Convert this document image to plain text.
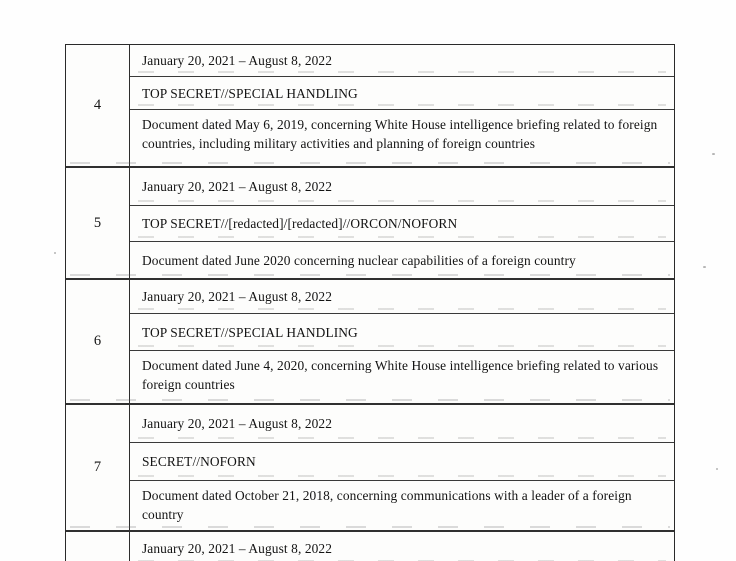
4
January 20, 2021 – August 8, 2022
TOP SECRET//SPECIAL HANDLING
Document dated May 6, 2019, concerning White House intelligence briefing related to foreign countries, including military activities and planning of foreign countries
5
January 20, 2021 – August 8, 2022
TOP SECRET//[redacted]/[redacted]//ORCON/NOFORN
Document dated June 2020 concerning nuclear capabilities of a foreign country
6
January 20, 2021 – August 8, 2022
TOP SECRET//SPECIAL HANDLING
Document dated June 4, 2020, concerning White House intelligence briefing related to various foreign countries
7
January 20, 2021 – August 8, 2022
SECRET//NOFORN
Document dated October 21, 2018, concerning communications with a leader of a foreign country
January 20, 2021 – August 8, 2022
